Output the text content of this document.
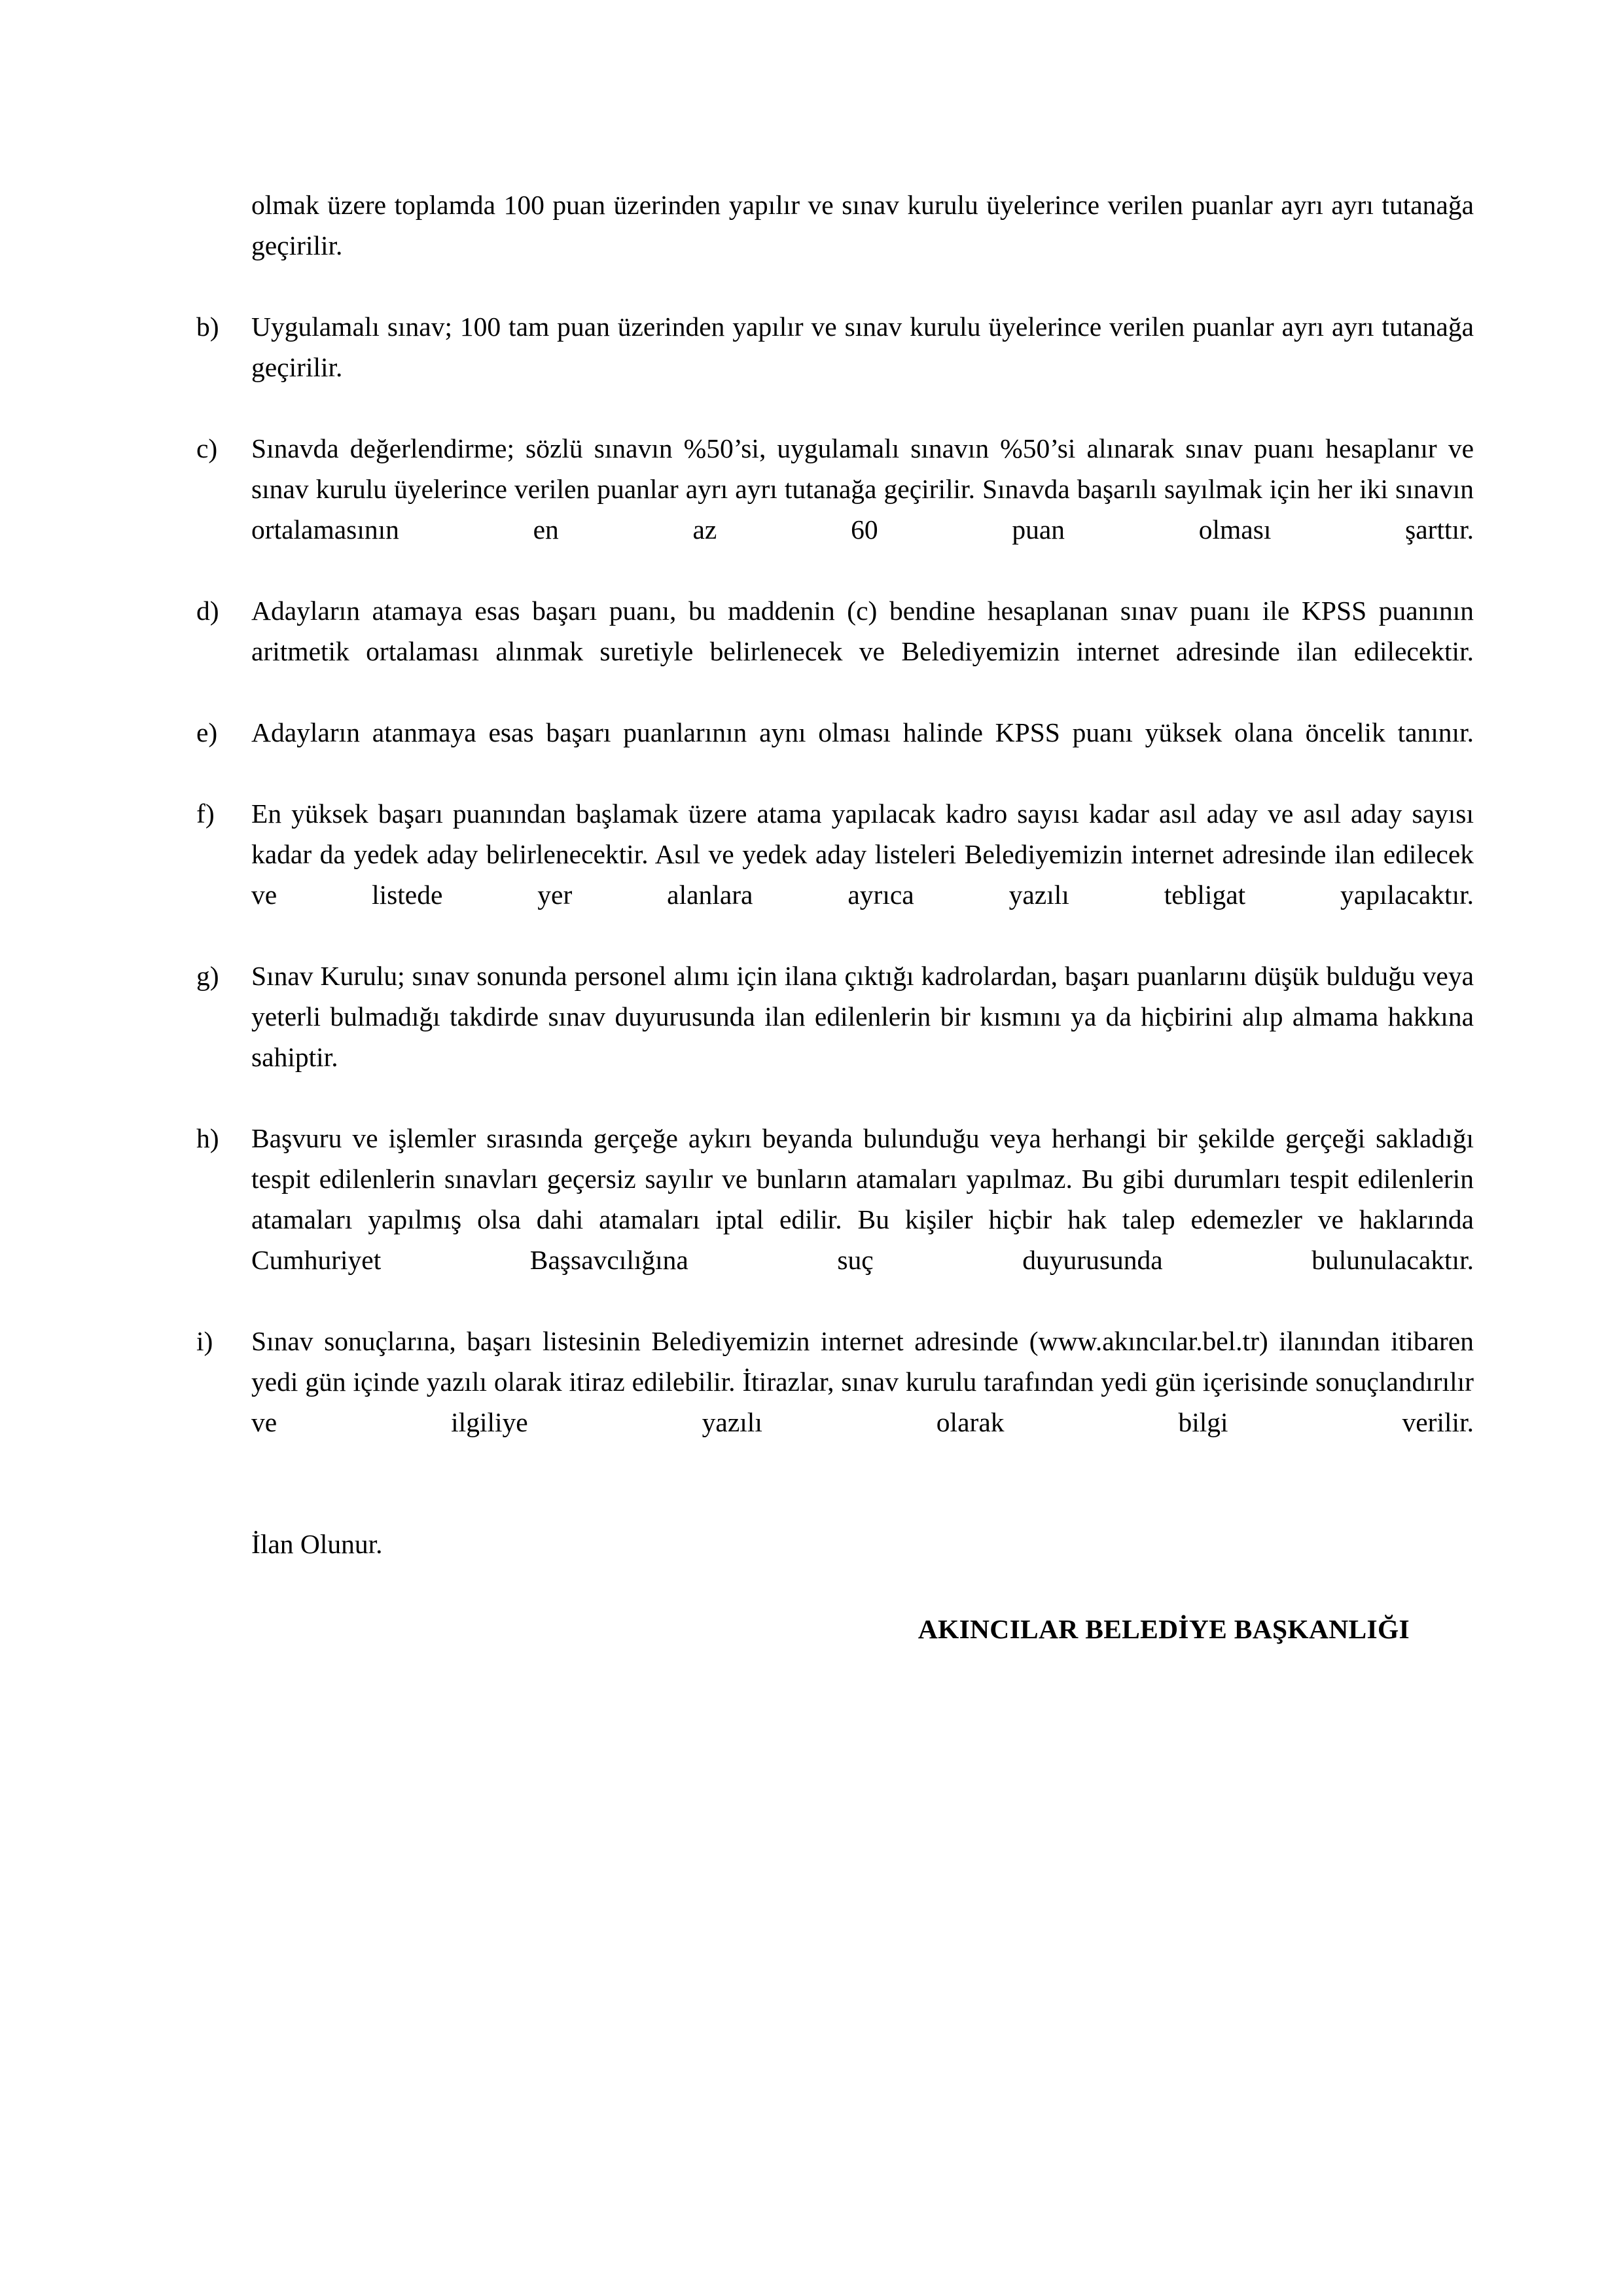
olmak üzere toplamda 100 puan üzerinden yapılır ve sınav kurulu üyelerince verilen puanlar ayrı ayrı tutanağa geçirilir.

b)	Uygulamalı sınav; 100 tam puan üzerinden yapılır ve sınav kurulu üyelerince verilen puanlar ayrı ayrı tutanağa geçirilir.
c)	Sınavda değerlendirme; sözlü sınavın %50’si, uygulamalı sınavın %50’si alınarak sınav puanı hesaplanır ve sınav kurulu üyelerince verilen puanlar ayrı ayrı tutanağa geçirilir. Sınavda başarılı sayılmak için her iki sınavın ortalamasının en az 60 puan olması şarttır.
d)	Adayların atamaya esas başarı puanı, bu maddenin (c) bendine hesaplanan sınav puanı ile KPSS puanının aritmetik ortalaması alınmak suretiyle belirlenecek ve Belediyemizin internet adresinde ilan edilecektir.
e)	Adayların atanmaya esas başarı puanlarının aynı olması halinde KPSS puanı yüksek olana öncelik tanınır.
f)	En yüksek başarı puanından başlamak üzere atama yapılacak kadro sayısı kadar asıl aday ve asıl aday sayısı kadar da yedek aday belirlenecektir. Asıl ve yedek aday listeleri Belediyemizin internet adresinde ilan edilecek ve listede yer alanlara ayrıca yazılı tebligat yapılacaktır.
g)	Sınav Kurulu; sınav sonunda personel alımı için ilana çıktığı kadrolardan, başarı puanlarını düşük bulduğu veya yeterli bulmadığı takdirde sınav duyurusunda ilan edilenlerin bir kısmını ya da hiçbirini alıp almama hakkına sahiptir.
h)	Başvuru ve işlemler sırasında gerçeğe aykırı beyanda bulunduğu veya herhangi bir şekilde gerçeği sakladığı tespit edilenlerin sınavları geçersiz sayılır ve bunların atamaları yapılmaz. Bu gibi durumları tespit edilenlerin atamaları yapılmış olsa dahi atamaları iptal edilir. Bu kişiler hiçbir hak talep edemezler ve haklarında Cumhuriyet Başsavcılığına suç duyurusunda bulunulacaktır.
i)	Sınav sonuçlarına, başarı listesinin Belediyemizin internet adresinde (www.akıncılar.bel.tr) ilanından itibaren yedi gün içinde yazılı olarak itiraz edilebilir. İtirazlar, sınav kurulu tarafından yedi gün içerisinde sonuçlandırılır ve ilgiliye yazılı olarak bilgi verilir.

İlan Olunur.

AKINCILAR BELEDİYE BAŞKANLIĞI
